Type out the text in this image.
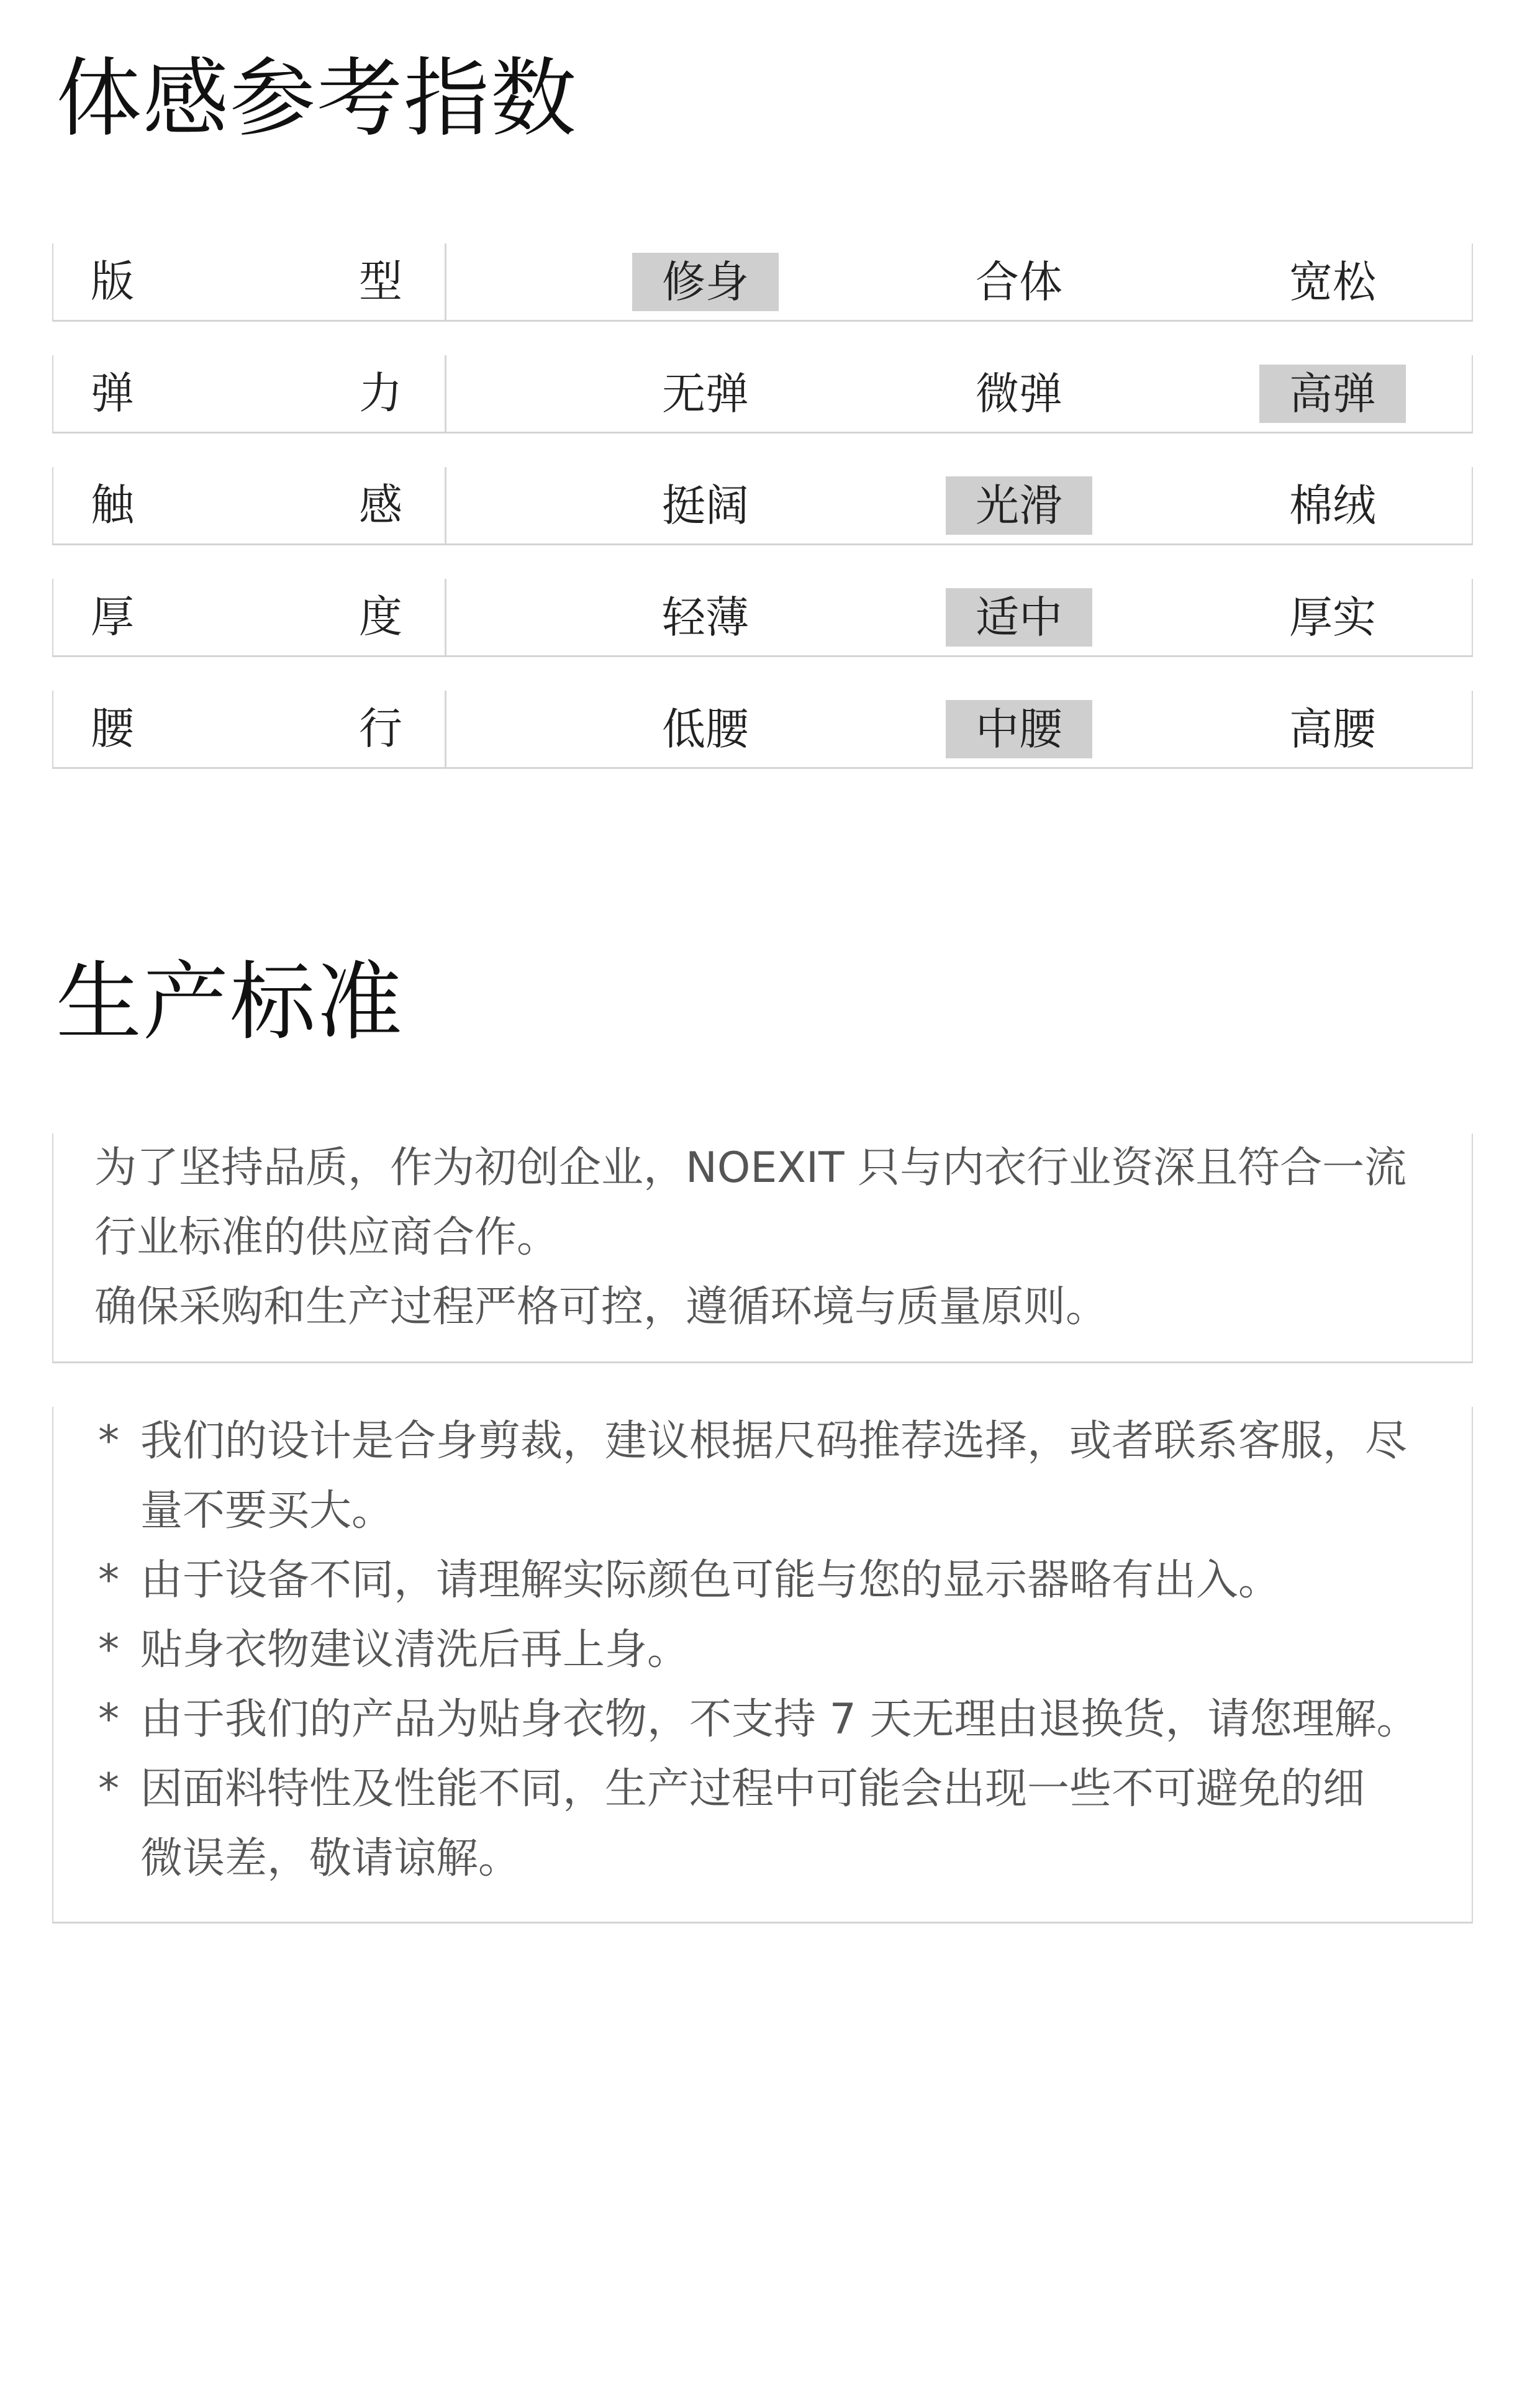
体感参考指数
版	型	修身	合体	宽松
弹	力	无弹	微弹	高弹
触	感	挺阔	光滑	棉绒
厚	度	轻薄	适中	厚实
腰	行	低腰	中腰	高腰
生产标准

为了坚持品质，作为初创企业，NOEXIT 只与内衣行业资深且符合一流

行业标准的供应商合作。

确保采购和生产过程严格可控，遵循环境与质量原则。

* 我们的设计是合身剪裁，建议根据尺码推荐选择，或者联系客服，尽

量不要买大。

* 由于设备不同，请理解实际颜色可能与您的显示器略有出入。

* 贴身衣物建议清洗后再上身。

* 由于我们的产品为贴身衣物，不支持 7 天无理由退换货，请您理解。

* 因面料特性及性能不同，生产过程中可能会出现一些不可避免的细

微误差，敬请谅解。
